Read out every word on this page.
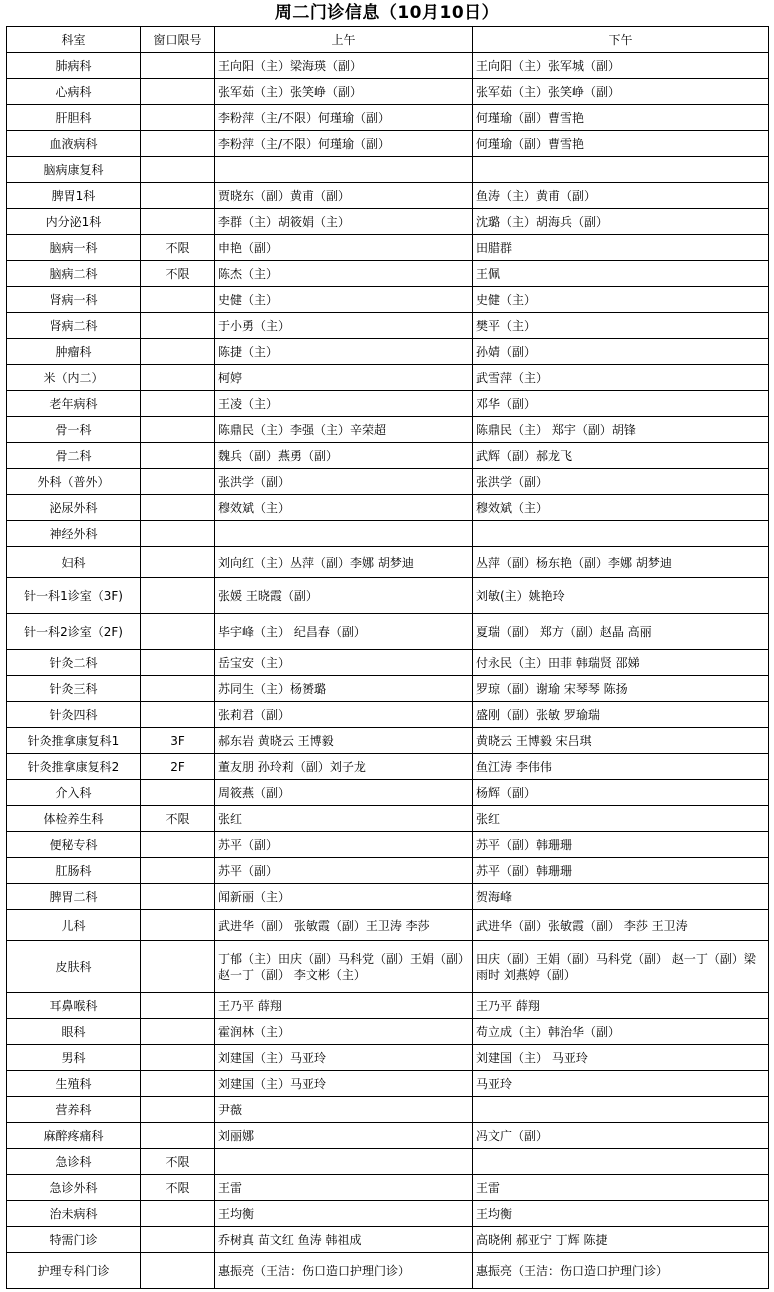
周二门诊信息（10月10日）
科室	窗口限号	上午	下午
肺病科		王向阳（主）梁海瑛（副）	王向阳（主）张军城（副）
心病科		张军茹（主）张笑峥（副）	张军茹（主）张笑峥（副）
肝胆科		李粉萍（主/不限）何瑾瑜（副）	何瑾瑜（副）曹雪艳
血液病科		李粉萍（主/不限）何瑾瑜（副）	何瑾瑜（副）曹雪艳
脑病康复科			
脾胃1科		贾晓东（副）黄甫（副）	鱼涛（主）黄甫（副）
内分泌1科		李群（主）胡筱娟（主）	沈璐（主）胡海兵（副）
脑病一科	不限	申艳（副）	田腊群
脑病二科	不限	陈杰（主）	王佩
肾病一科		史健（主）	史健（主）
肾病二科		于小勇（主）	樊平（主）
肿瘤科		陈捷（主）	孙婧（副）
米（内二）		柯婷	武雪萍（主）
老年病科		王凌（主）	邓华（副）
骨一科		陈鼎民（主）李强（主）辛荣超	陈鼎民（主） 郑宇（副）胡锋
骨二科		魏兵（副）燕勇（副）	武辉（副）郝龙飞
外科（普外）		张洪学（副）	张洪学（副）
泌尿外科		穆效斌（主）	穆效斌（主）
神经外科			
妇科		刘向红（主）丛萍（副）李娜 胡梦迪	丛萍（副）杨东艳（副）李娜 胡梦迪
针一科1诊室（3F)		张媛 王晓霞（副）	刘敏(主）姚艳玲
针一科2诊室（2F)		毕宇峰（主） 纪昌春（副）	夏瑞（副） 郑方（副）赵晶 高丽
针灸二科		岳宝安（主）	付永民（主）田菲 韩瑞贤 邵娣
针灸三科		苏同生（主）杨赟璐	罗琼（副）谢瑜 宋琴琴 陈扬
针灸四科		张莉君（副）	盛刚（副）张敏 罗瑜瑞
针灸推拿康复科1	3F	郝东岩 黄晓云 王博毅	黄晓云 王博毅 宋吕琪
针灸推拿康复科2	2F	董友朋 孙玲莉（副）刘子龙	鱼江涛 李伟伟
介入科		周筱燕（副）	杨辉（副）
体检养生科	不限	张红	张红
便秘专科		苏平（副）	苏平（副）韩珊珊
肛肠科		苏平（副）	苏平（副）韩珊珊
脾胃二科		闻新丽（主）	贺海峰
儿科		武进华（副） 张敏霞（副）王卫涛 李莎	武进华（副）张敏霞（副） 李莎 王卫涛
皮肤科		丁郁（主）田庆（副）马科党（副）王娟（副）赵一丁（副） 李文彬（主）	田庆（副）王娟（副）马科党（副） 赵一丁（副）梁雨时 刘燕婷（副）
耳鼻喉科		王乃平 薛翔	王乃平 薛翔
眼科		霍润林（主）	苟立成（主）韩治华（副）
男科		刘建国（主）马亚玲	刘建国（主） 马亚玲
生殖科		刘建国（主）马亚玲	马亚玲
营养科		尹薇	
麻醉疼痛科		刘丽娜	冯文广（副）
急诊科	不限		
急诊外科	不限	王雷	王雷
治未病科		王均衡	王均衡
特需门诊		乔树真 苗文红 鱼涛 韩祖成	高晓俐 郝亚宁 丁辉 陈捷
护理专科门诊		惠振亮（王洁：伤口造口护理门诊）	惠振亮（王洁：伤口造口护理门诊）
